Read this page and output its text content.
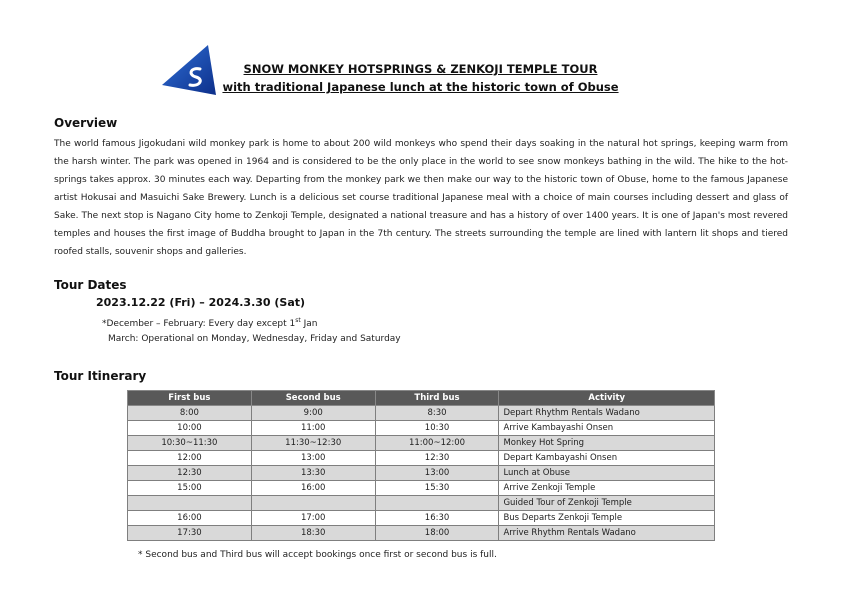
SNOW MONKEY HOTSPRINGS & ZENKOJI TEMPLE TOUR
with traditional Japanese lunch at the historic town of Obuse
Overview
The world famous Jigokudani wild monkey park is home to about 200 wild monkeys who spend their days soaking in the natural hot springs, keeping warm from the harsh winter. The park was opened in 1964 and is considered to be the only place in the world to see snow monkeys bathing in the wild. The hike to the hot-springs takes approx. 30 minutes each way. Departing from the monkey park we then make our way to the historic town of Obuse, home to the famous Japanese artist Hokusai and Masuichi Sake Brewery. Lunch is a delicious set course traditional Japanese meal with a choice of main courses including dessert and glass of Sake. The next stop is Nagano City home to Zenkoji Temple, designated a national treasure and has a history of over 1400 years. It is one of Japan's most revered temples and houses the first image of Buddha brought to Japan in the 7th century. The streets surrounding the temple are lined with lantern lit shops and tiered roofed stalls, souvenir shops and galleries.
Tour Dates
2023.12.22 (Fri) – 2024.3.30 (Sat)
*December – February: Every day except 1st Jan
March: Operational on Monday, Wednesday, Friday and Saturday
Tour Itinerary
First bus	Second bus	Third bus	Activity
8:00	9:00	8:30	Depart Rhythm Rentals Wadano
10:00	11:00	10:30	Arrive Kambayashi Onsen
10:30~11:30	11:30~12:30	11:00~12:00	Monkey Hot Spring
12:00	13:00	12:30	Depart Kambayashi Onsen
12:30	13:30	13:00	Lunch at Obuse
15:00	16:00	15:30	Arrive Zenkoji Temple
			Guided Tour of Zenkoji Temple
16:00	17:00	16:30	Bus Departs Zenkoji Temple
17:30	18:30	18:00	Arrive Rhythm Rentals Wadano
* Second bus and Third bus will accept bookings once first or second bus is full.
